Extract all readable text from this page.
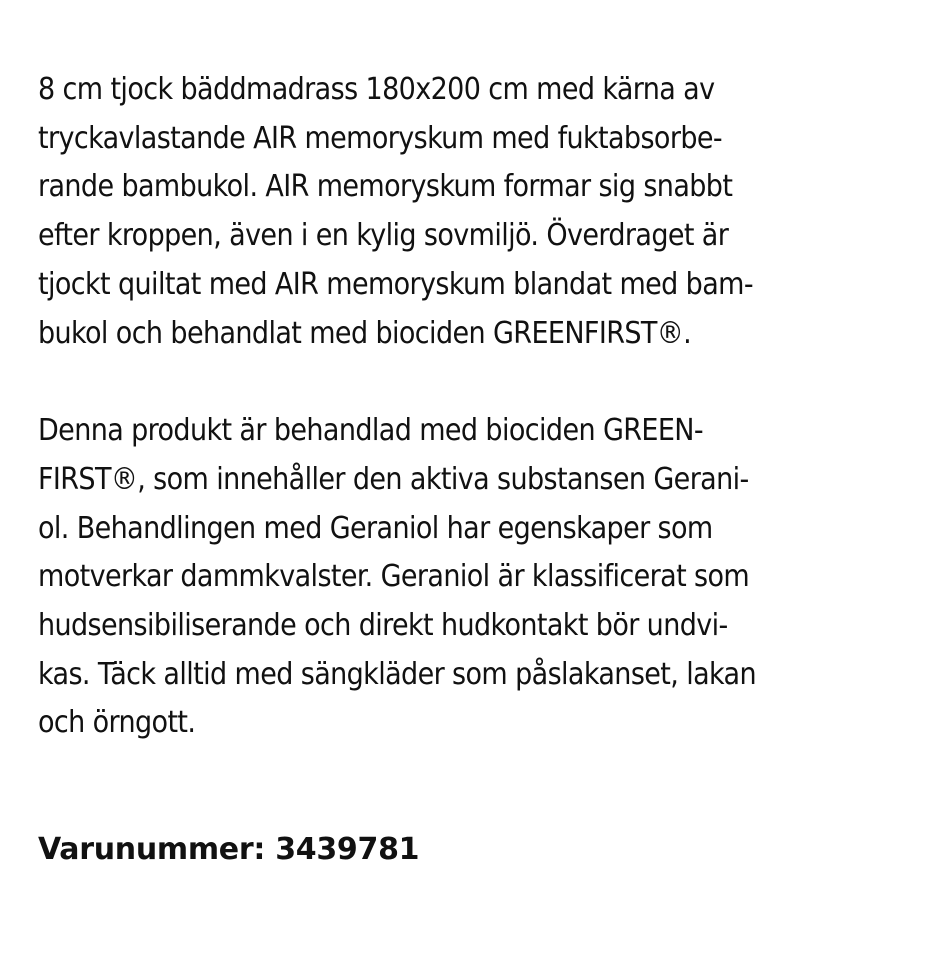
8 cm tjock bäddmadrass 180x200 cm med kärna av
tryckavlastande AIR memoryskum med fuktabsorbe-
rande bambukol. AIR memoryskum formar sig snabbt
efter kroppen, även i en kylig sovmiljö. Överdraget är
tjockt quiltat med AIR memoryskum blandat med bam-
bukol och behandlat med biociden GREENFIRST®.

Denna produkt är behandlad med biociden GREEN-
FIRST®, som innehåller den aktiva substansen Gerani-
ol. Behandlingen med Geraniol har egenskaper som
motverkar dammkvalster. Geraniol är klassificerat som
hudsensibiliserande och direkt hudkontakt bör undvi-
kas. Täck alltid med sängkläder som påslakanset, lakan
och örngott.

Varunummer: 3439781
